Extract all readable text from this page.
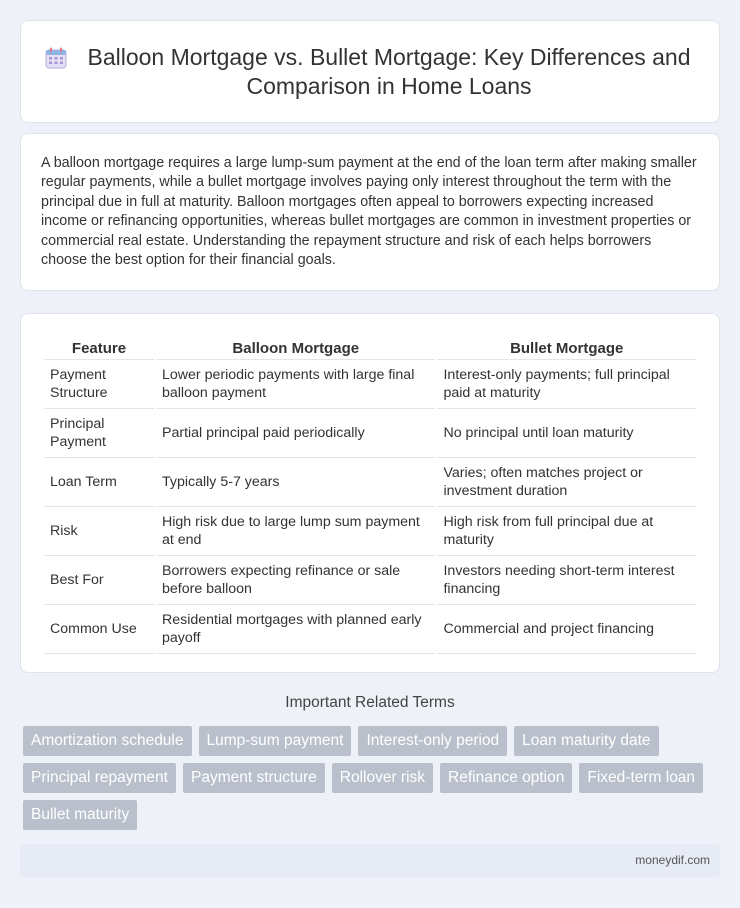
Balloon Mortgage vs. Bullet Mortgage: Key Differences and Comparison in Home Loans

A balloon mortgage requires a large lump-sum payment at the end of the loan term after making smaller regular payments, while a bullet mortgage involves paying only interest throughout the term with the principal due in full at maturity. Balloon mortgages often appeal to borrowers expecting increased income or refinancing opportunities, whereas bullet mortgages are common in investment properties or commercial real estate. Understanding the repayment structure and risk of each helps borrowers choose the best option for their financial goals.

Feature	Balloon Mortgage	Bullet Mortgage
Payment Structure	Lower periodic payments with large final balloon payment	Interest-only payments; full principal paid at maturity
Principal Payment	Partial principal paid periodically	No principal until loan maturity
Loan Term	Typically 5-7 years	Varies; often matches project or investment duration
Risk	High risk due to large lump sum payment at end	High risk from full principal due at maturity
Best For	Borrowers expecting refinance or sale before balloon	Investors needing short-term interest financing
Common Use	Residential mortgages with planned early payoff	Commercial and project financing
Important Related Terms
Amortization schedule	Lump-sum payment	Interest-only period	Loan maturity date
Principal repayment	Payment structure	Rollover risk	Refinance option	Fixed-term loan
Bullet maturity
moneydif.com
